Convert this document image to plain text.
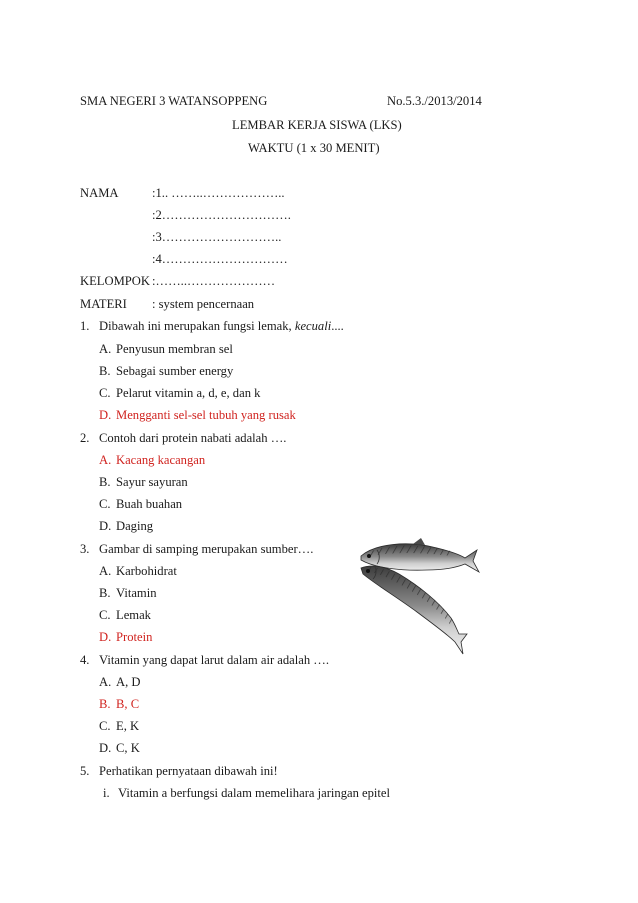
SMA NEGERI 3 WATANSOPPENG	No.5.3./2013/2014
LEMBAR KERJA SISWA (LKS)
WAKTU (1 x 30 MENIT)
NAMA	:1.. ……..………………..
:2………………………….
:3………………………..
:4…………………………
KELOMPOK :……..…………………
MATERI : system pencernaan
1. Dibawah ini merupakan fungsi lemak, kecuali....
A. Penyusun membran sel
B. Sebagai sumber energy
C. Pelarut vitamin a, d, e, dan k
D. Mengganti sel-sel tubuh yang rusak
2. Contoh dari protein nabati adalah ….
A. Kacang kacangan
B. Sayur sayuran
C. Buah buahan
D. Daging
3. Gambar di samping merupakan sumber….
A. Karbohidrat
B. Vitamin
C. Lemak
D. Protein
4. Vitamin yang dapat larut dalam air adalah ….
A. A, D
B. B, C
C. E, K
D. C, K
5. Perhatikan pernyataan dibawah ini!
i. Vitamin a berfungsi dalam memelihara jaringan epitel
